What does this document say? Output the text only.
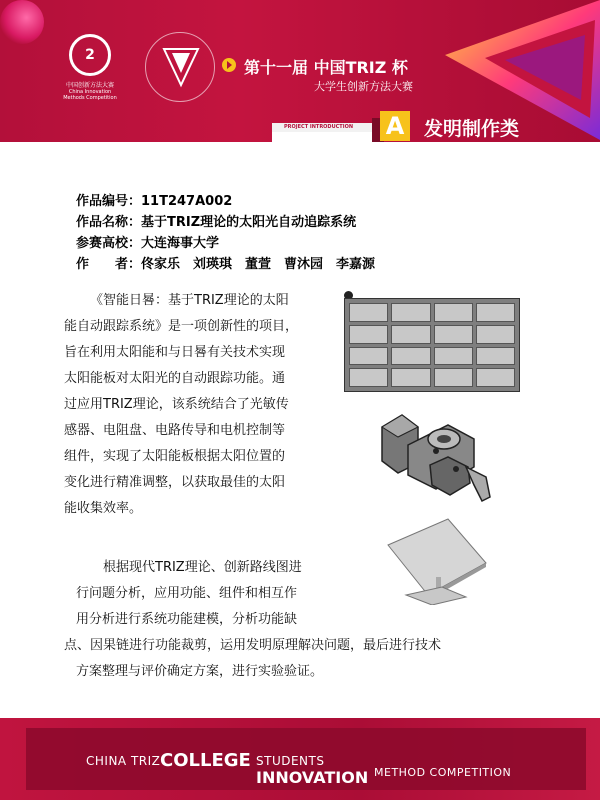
2
中国创新方法大赛
China Innovation
Methods Competition
第十一届 中国TRIZ 杯
大学生创新方法大赛
PROJECT INTRODUCTION	A	发明制作类
作品编号：11T247A002
作品名称：基于TRIZ理论的太阳光自动追踪系统
参赛高校：大连海事大学
作　　者：佟家乐　刘瑛琪　董萱　曹沐园　李嘉源
《智能日晷：基于TRIZ理论的太阳
能自动跟踪系统》是一项创新性的项目，
旨在利用太阳能和与日晷有关技术实现
太阳能板对太阳光的自动跟踪功能。通
过应用TRIZ理论，该系统结合了光敏传
感器、电阻盘、电路传导和电机控制等
组件，实现了太阳能板根据太阳位置的
变化进行精准调整，以获取最佳的太阳
能收集效率。
　根据现代TRIZ理论、创新路线图进
行问题分析，应用功能、组件和相互作
用分析进行系统功能建模，分析功能缺
点、因果链进行功能裁剪，运用发明原理解决问题，最后进行技术
方案整理与评价确定方案，进行实验验证。
CHINA TRIZ COLLEGE STUDENTS
INNOVATION METHOD COMPETITION
